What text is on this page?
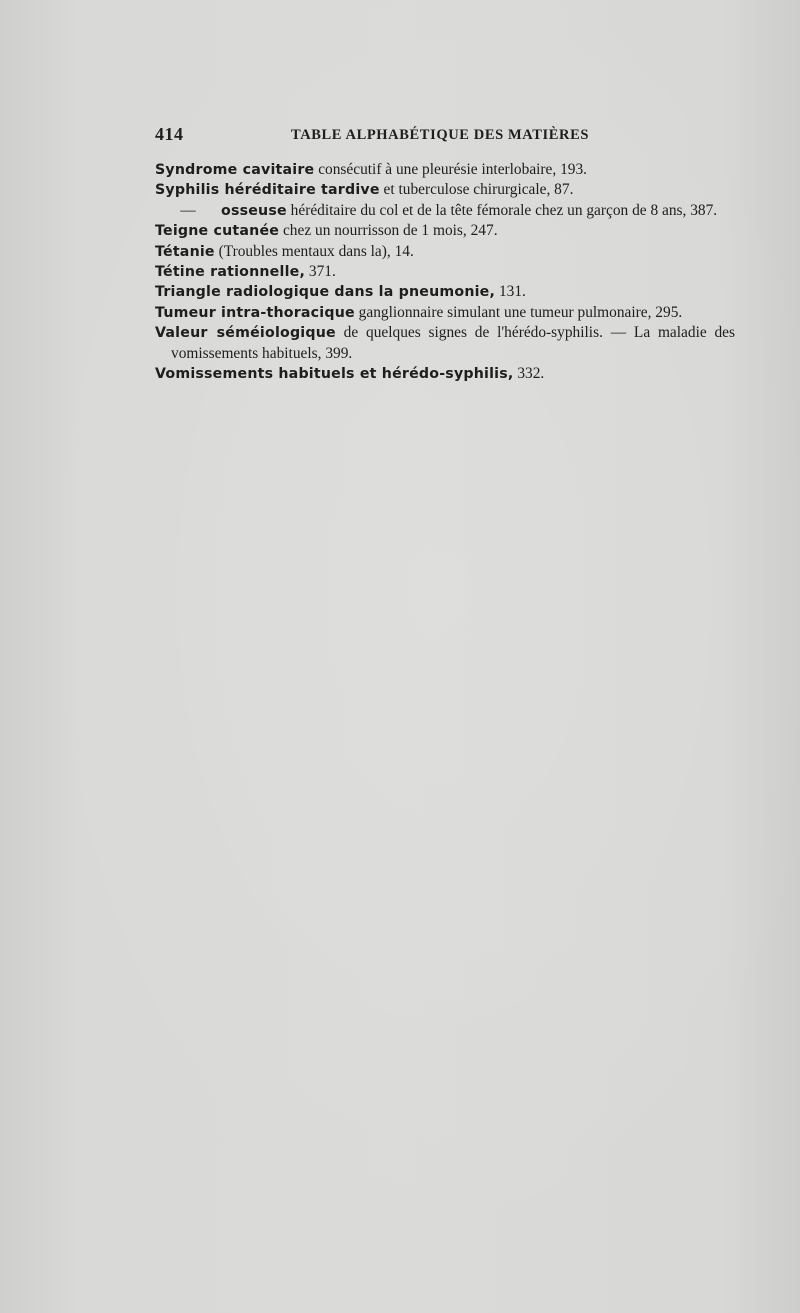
414	TABLE ALPHABÉTIQUE DES MATIÈRES
Syndrome cavitaire consécutif à une pleurésie interlobaire, 193.
Syphilis héréditaire tardive et tuberculose chirurgicale, 87.
— osseuse héréditaire du col et de la tête fémorale chez un garçon de 8 ans, 387.
Teigne cutanée chez un nourrisson de 1 mois, 247.
Tétanie (Troubles mentaux dans la), 14.
Tétine rationnelle, 371.
Triangle radiologique dans la pneumonie, 131.
Tumeur intra-thoracique ganglionnaire simulant une tumeur pulmonaire, 295.
Valeur séméiologique de quelques signes de l'hérédo-syphilis. — La maladie des vomissements habituels, 399.
Vomissements habituels et hérédo-syphilis, 332.
